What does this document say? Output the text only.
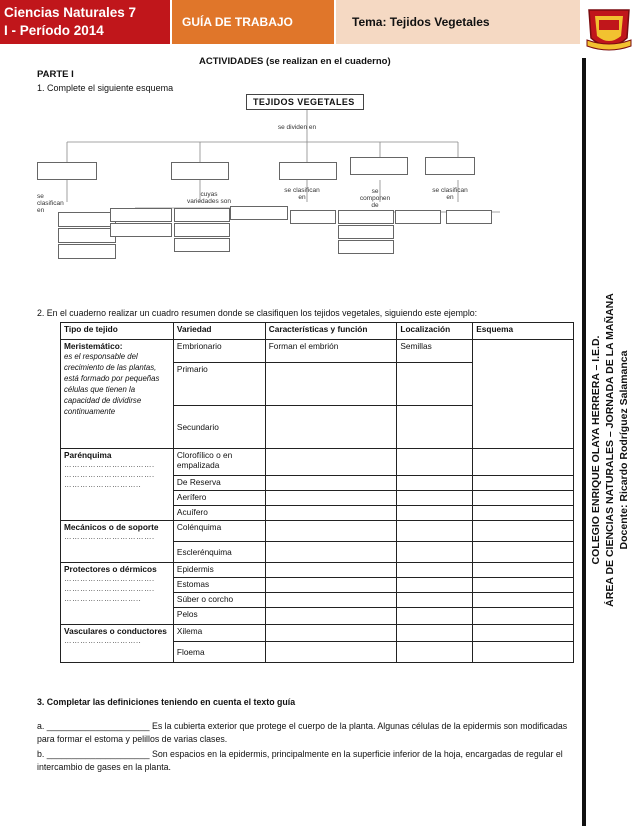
Ciencias Naturales 7
I - Período 2014
GUÍA DE TRABAJO	Tema: Tejidos Vegetales
COLEGIO ENRIQUE OLAYA HERRERA – I.E.D. ÁREA DE CIENCIAS NATURALES – JORNADA DE LA MAÑANA Docente: Ricardo Rodríguez Salamanca
ACTIVIDADES (se realizan en el cuaderno)
PARTE I
1. Complete el siguiente esquema
TEJIDOS VEGETALES
se dividen en
se clasifican en
cuyas variedades son
se clasifican en
se componen de
se clasifican en
2. En el cuaderno realizar un cuadro resumen donde se clasifiquen los tejidos vegetales, siguiendo este ejemplo:
Tipo de tejido	Variedad	Características y función	Localización	Esquema

Meristemático:
es el responsable del crecimiento de las plantas, está formado por pequeñas células que tienen la capacidad de dividirse continuamente	Embrionario	Forman el embrión	Semillas	
	Primario			
	Secundario			

Parénquima
…………………………….
…………………………….
………………………..	Clorofílico o en empalizada			
	De Reserva			
	Aerífero			
	Acuífero			

Mecánicos o de soporte
…………………………….	Colénquima			
	Esclerénquima			

Protectores o dérmicos
…………………………….
…………………………….
………………………..	Epidermis			
	Estomas			
	Súber o corcho			
	Pelos			

Vasculares o conductores
………………………..	Xilema			
	Floema			
3. Completar las definiciones teniendo en cuenta el texto guía
a. _____________________ Es la cubierta exterior que protege el cuerpo de la planta. Algunas células de la epidermis son modificadas para formar el estoma y pelillos de varias clases.
b. _____________________ Son espacios en la epidermis, principalmente en la superficie inferior de la hoja, encargadas de regular el intercambio de gases en la planta.
